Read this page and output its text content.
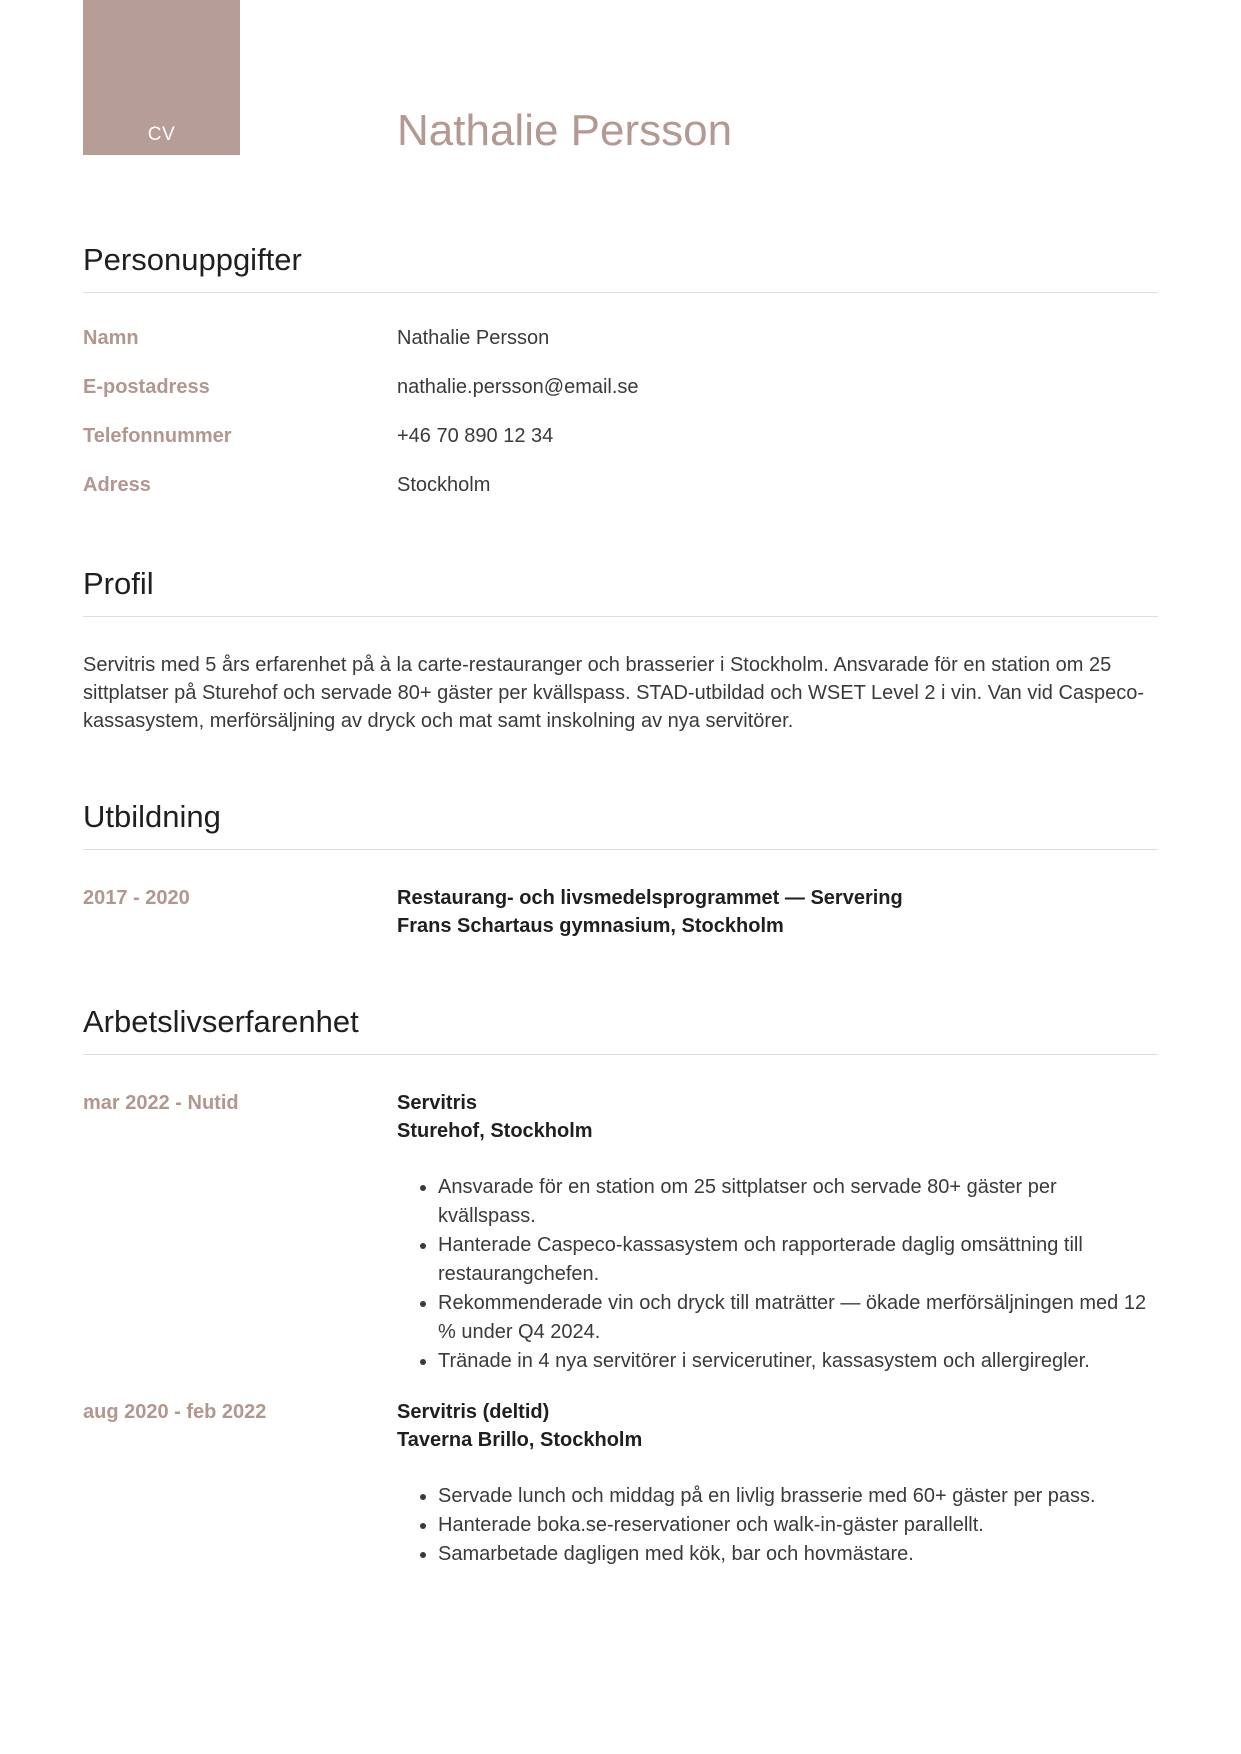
CV	Nathalie Persson
Personuppgifter
Namn	Nathalie Persson
E-postadress	nathalie.persson@email.se
Telefonnummer	+46 70 890 12 34
Adress	Stockholm
Profil

Servitris med 5 års erfarenhet på à la carte-restauranger och brasserier i Stockholm. Ansvarade för en station om 25 sittplatser på Sturehof och servade 80+ gäster per kvällspass. STAD-utbildad och WSET Level 2 i vin. Van vid Caspeco-kassasystem, merförsäljning av dryck och mat samt inskolning av nya servitörer.

Utbildning
2017 - 2020	Restaurang- och livsmedelsprogrammet — Servering
Frans Schartaus gymnasium, Stockholm
Arbetslivserfarenhet
mar 2022 - Nutid	Servitris
Sturehof, Stockholm
• Ansvarade för en station om 25 sittplatser och servade 80+ gäster per kvällspass.
• Hanterade Caspeco-kassasystem och rapporterade daglig omsättning till restaurangchefen.
• Rekommenderade vin och dryck till maträtter — ökade merförsäljningen med 12 % under Q4 2024.
• Tränade in 4 nya servitörer i servicerutiner, kassasystem och allergiregler.
aug 2020 - feb 2022	Servitris (deltid)
Taverna Brillo, Stockholm
• Servade lunch och middag på en livlig brasserie med 60+ gäster per pass.
• Hanterade boka.se-reservationer och walk-in-gäster parallellt.
• Samarbetade dagligen med kök, bar och hovmästare.
